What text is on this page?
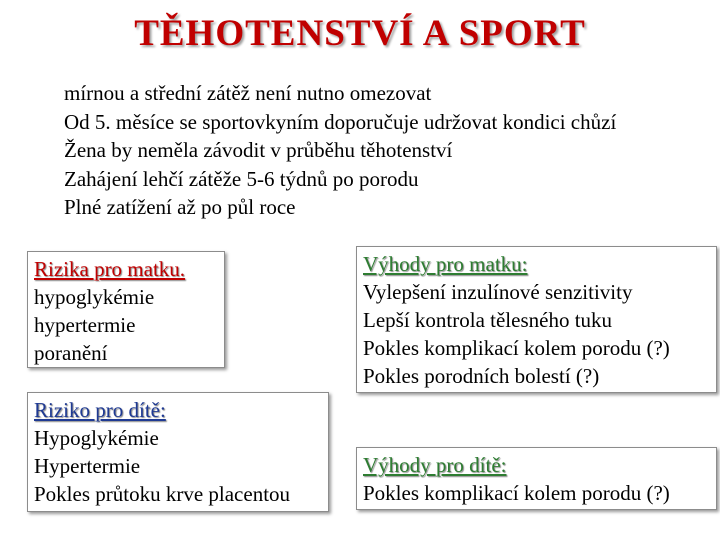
TĚHOTENSTVÍ A SPORT
mírnou a střední zátěž není nutno omezovat
Od 5. měsíce se sportovkyním doporučuje udržovat kondici chůzí
Žena by neměla závodit v průběhu těhotenství
Zahájení lehčí zátěže 5-6 týdnů po porodu
Plné zatížení až po půl roce
Rizika pro matku.
hypoglykémie
hypertermie
poranění
Riziko pro dítě:
Hypoglykémie
Hypertermie
Pokles průtoku krve placentou
Výhody pro matku:
Vylepšení inzulínové senzitivity
Lepší kontrola tělesného tuku
Pokles komplikací kolem porodu (?)
Pokles porodních bolestí (?)
Výhody pro dítě:
Pokles komplikací kolem porodu (?)
